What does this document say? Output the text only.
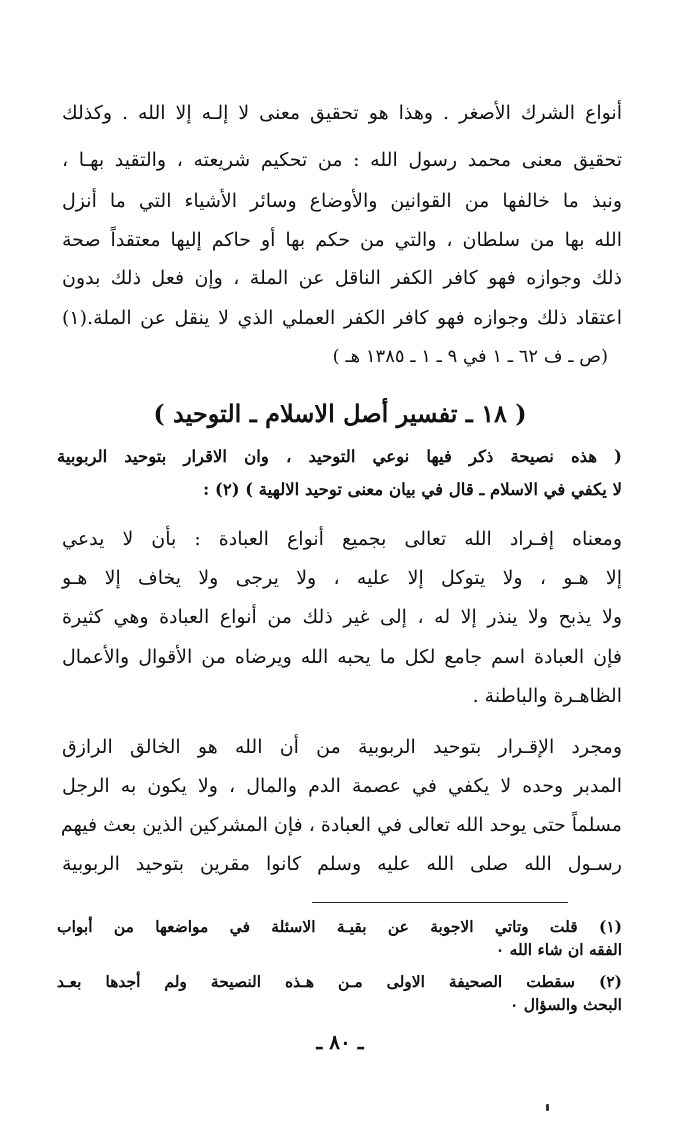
أنواع الشرك الأصغر . وهذا هو تحقيق معنى لا إلـه إلا الله . وكذلك
تحقيق معنى محمد رسول الله : من تحكيم شريعته ، والتقيد بهـا ،
ونبذ ما خالفها من القوانين والأوضاع وسائر الأشياء التي ما أنزل
الله بها من سلطان ، والتي من حكم بها أو حاكم إليها معتقداً صحة
ذلك وجوازه فهو كافر الكفر الناقل عن الملة ، وإن فعل ذلك بدون
اعتقاد ذلك وجوازه فهو كافر الكفر العملي الذي لا ينقل عن الملة.(١)
(ص ـ ف ٦٢ ـ ١ في ٩ ـ ١ ـ ١٣٨٥ هـ )
( ١٨ ـ تفسير أصل الاسلام ـ التوحيد )
( هذه نصيحة ذكر فيها نوعي التوحيد ، وان الاقرار بتوحيد الربوبية
لا يكفي في الاسلام ـ قال في بيان معنى توحيد الالهية ) (٢) :
ومعناه إفـراد الله تعالى بجميع أنواع العبادة : بأن لا يدعي
إلا هـو ، ولا يتوكل إلا عليه ، ولا يرجى ولا يخاف إلا هـو
ولا يذبح ولا ينذر إلا له ، إلى غير ذلك من أنواع العبادة وهي كثيرة
فإن العبادة اسم جامع لكل ما يحبه الله ويرضاه من الأقوال والأعمال
الظاهـرة والباطنة .
ومجرد الإقـرار بتوحيد الربوبية من أن الله هو الخالق الرازق
المدبر وحده لا يكفي في عصمة الدم والمال ، ولا يكون به الرجل
مسلماً حتى يوحد الله تعالى في العبادة ، فإن المشركين الذين بعث فيهم
رسـول الله صلى الله عليه وسلم كانوا مقرين بتوحيد الربوبية
(١) قلت وتاتي الاجوبة عن بقيـة الاسئلة في مواضعها من أبواب
الفقه ان شاء الله ٠
(٢) سقطت الصحيفة الاولى مـن هـذه النصيحة ولم أجدها بعـد
البحث والسؤال ٠
ـ ٨٠ ـ
